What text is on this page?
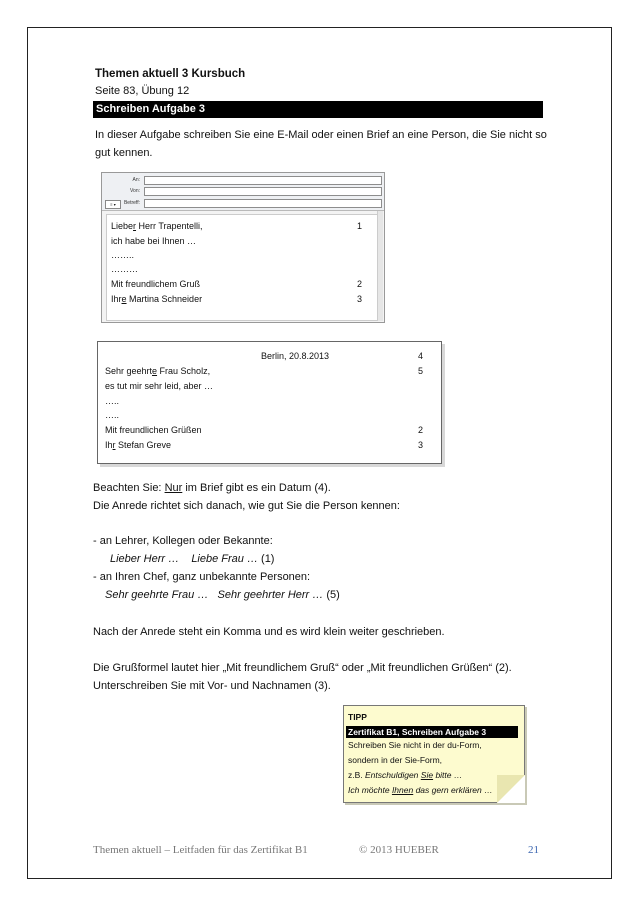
Themen aktuell 3 Kursbuch
Seite 83, Übung 12
Schreiben Aufgabe 3
In dieser Aufgabe schreiben Sie eine E-Mail oder einen Brief an eine Person, die Sie nicht so gut kennen.
An:
Von:
≡ ▾	Betreff:
Lieber Herr Trapentelli,	1
ich habe bei Ihnen …
……..
………
Mit freundlichem Gruß	2
Ihre Martina Schneider	3
Berlin, 20.8.2013	4
Sehr geehrte Frau Scholz,	5
es tut mir sehr leid, aber …
…..
…..
Mit freundlichen Grüßen	2
Ihr Stefan Greve	3
Beachten Sie: Nur im Brief gibt es ein Datum (4).
Die Anrede richtet sich danach, wie gut Sie die Person kennen:
- an Lehrer, Kollegen oder Bekannte:
Lieber Herr … Liebe Frau … (1)
- an Ihren Chef, ganz unbekannte Personen:
Sehr geehrte Frau … Sehr geehrter Herr … (5)
Nach der Anrede steht ein Komma und es wird klein weiter geschrieben.
Die Grußformel lautet hier „Mit freundlichem Gruß“ oder „Mit freundlichen Grüßen“ (2).
Unterschreiben Sie mit Vor- und Nachnamen (3).
TIPP
Zertifikat B1, Schreiben Aufgabe 3
Schreiben Sie nicht in der du-Form,
sondern in der Sie-Form,
z.B. Entschuldigen Sie bitte …
Ich möchte Ihnen das gern erklären …
Themen aktuell – Leitfaden für das Zertifikat B1	© 2013 HUEBER	21
